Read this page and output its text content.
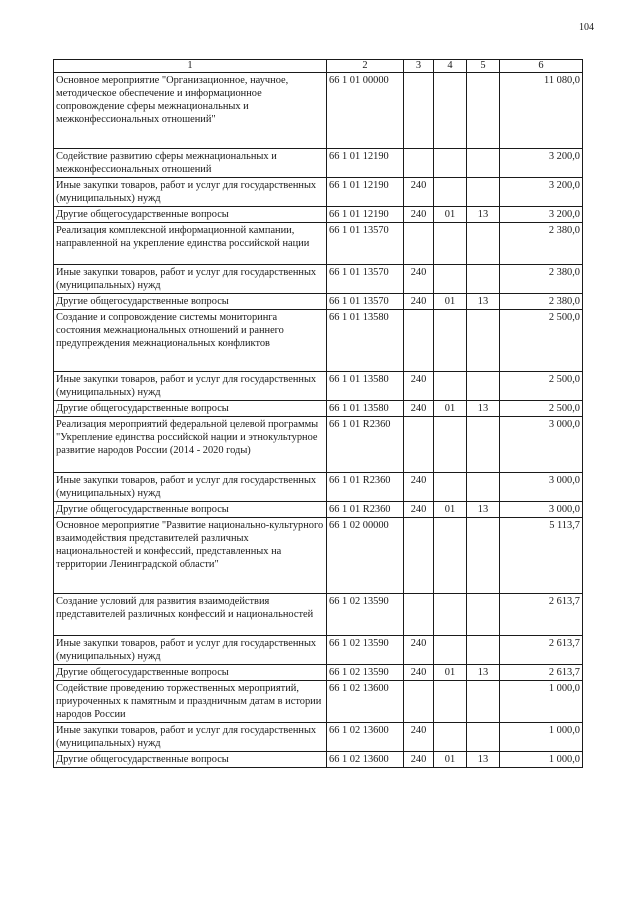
104
1	2	3	4	5	6
Основное мероприятие "Организационное, научное, методическое обеспечение и информационное сопровождение сферы межнациональных и межконфессиональных отношений"	66 1 01 00000				11 080,0
Содействие развитию сферы межнациональных и межконфессиональных отношений	66 1 01 12190				3 200,0
Иные закупки товаров, работ и услуг для государственных (муниципальных) нужд	66 1 01 12190	240			3 200,0
Другие общегосударственные вопросы	66 1 01 12190	240	01	13	3 200,0
Реализация комплексной информационной кампании, направленной на укрепление единства российской нации	66 1 01 13570				2 380,0
Иные закупки товаров, работ и услуг для государственных (муниципальных) нужд	66 1 01 13570	240			2 380,0
Другие общегосударственные вопросы	66 1 01 13570	240	01	13	2 380,0
Создание и сопровождение системы мониторинга состояния межнациональных отношений и раннего предупреждения межнациональных конфликтов	66 1 01 13580				2 500,0
Иные закупки товаров, работ и услуг для государственных (муниципальных) нужд	66 1 01 13580	240			2 500,0
Другие общегосударственные вопросы	66 1 01 13580	240	01	13	2 500,0
Реализация мероприятий федеральной целевой программы "Укрепление единства российской нации и этнокультурное развитие народов России (2014 - 2020 годы)	66 1 01 R2360				3 000,0
Иные закупки товаров, работ и услуг для государственных (муниципальных) нужд	66 1 01 R2360	240			3 000,0
Другие общегосударственные вопросы	66 1 01 R2360	240	01	13	3 000,0
Основное мероприятие "Развитие национально-культурного взаимодействия представителей различных национальностей и конфессий, представленных на территории Ленинградской области"	66 1 02 00000				5 113,7
Создание условий для развития взаимодействия представителей различных конфессий и национальностей	66 1 02 13590				2 613,7
Иные закупки товаров, работ и услуг для государственных (муниципальных) нужд	66 1 02 13590	240			2 613,7
Другие общегосударственные вопросы	66 1 02 13590	240	01	13	2 613,7
Содействие проведению торжественных мероприятий, приуроченных к памятным и праздничным датам в истории народов России	66 1 02 13600				1 000,0
Иные закупки товаров, работ и услуг для государственных (муниципальных) нужд	66 1 02 13600	240			1 000,0
Другие общегосударственные вопросы	66 1 02 13600	240	01	13	1 000,0
